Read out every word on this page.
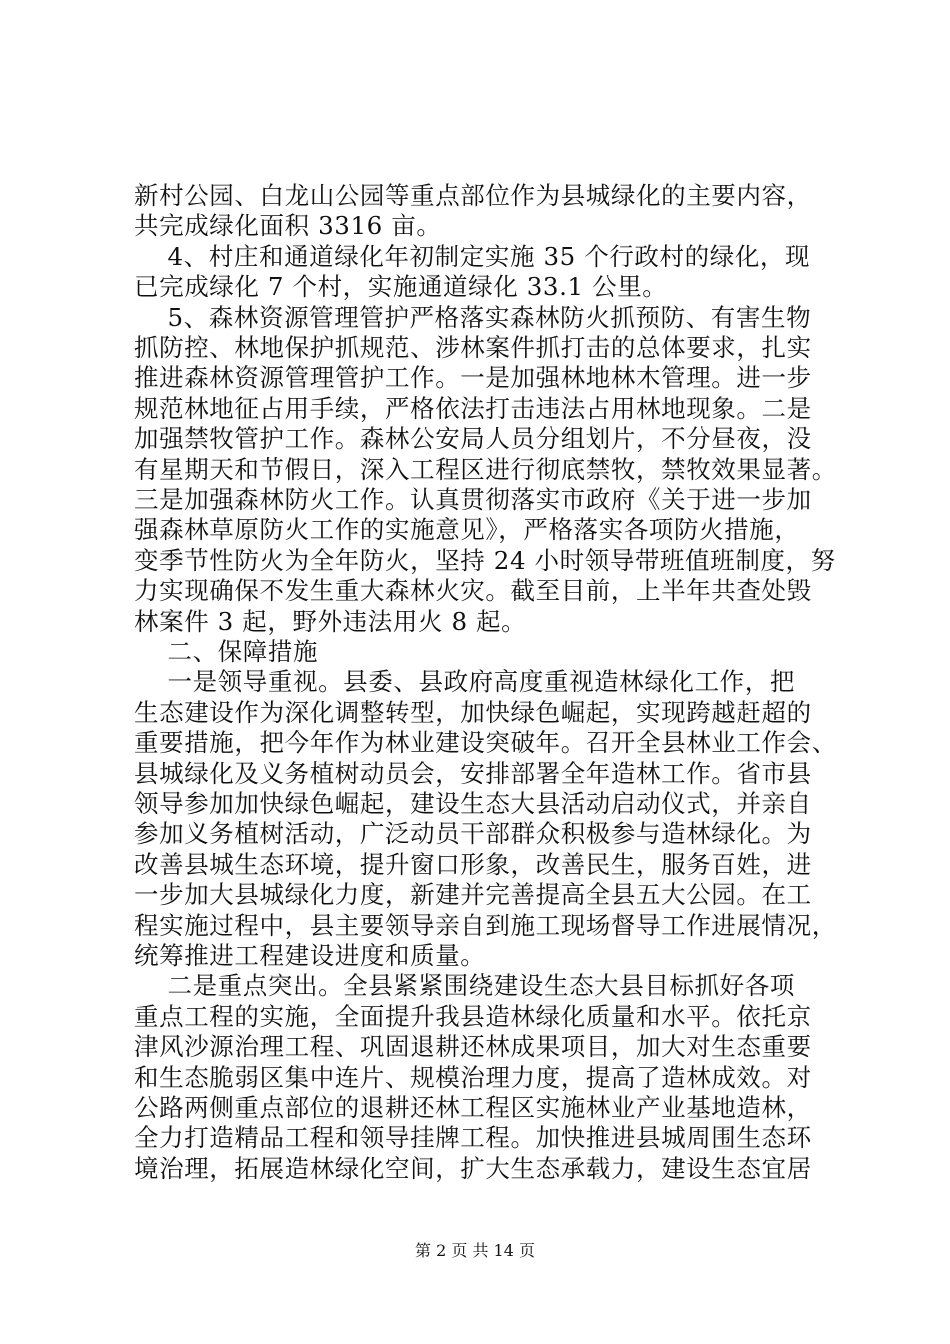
新村公园、白龙山公园等重点部位作为县城绿化的主要内容，
共完成绿化面积 3316 亩。
　 4、村庄和通道绿化年初制定实施 35 个行政村的绿化，现
已完成绿化 7 个村，实施通道绿化 33.1 公里。
　 5、森林资源管理管护严格落实森林防火抓预防、有害生物
抓防控、林地保护抓规范、涉林案件抓打击的总体要求，扎实
推进森林资源管理管护工作。一是加强林地林木管理。进一步
规范林地征占用手续，严格依法打击违法占用林地现象。二是
加强禁牧管护工作。森林公安局人员分组划片，不分昼夜，没
有星期天和节假日，深入工程区进行彻底禁牧，禁牧效果显著。
三是加强森林防火工作。认真贯彻落实市政府《关于进一步加
强森林草原防火工作的实施意见》，严格落实各项防火措施，
变季节性防火为全年防火，坚持 24 小时领导带班值班制度，努
力实现确保不发生重大森林火灾。截至目前，上半年共查处毁
林案件 3 起，野外违法用火 8 起。
　 二、保障措施
　 一是领导重视。县委、县政府高度重视造林绿化工作，把
生态建设作为深化调整转型，加快绿色崛起，实现跨越赶超的
重要措施，把今年作为林业建设突破年。召开全县林业工作会、
县城绿化及义务植树动员会，安排部署全年造林工作。省市县
领导参加加快绿色崛起，建设生态大县活动启动仪式，并亲自
参加义务植树活动，广泛动员干部群众积极参与造林绿化。为
改善县城生态环境，提升窗口形象，改善民生，服务百姓，进
一步加大县城绿化力度，新建并完善提高全县五大公园。在工
程实施过程中，县主要领导亲自到施工现场督导工作进展情况，
统筹推进工程建设进度和质量。
　 二是重点突出。全县紧紧围绕建设生态大县目标抓好各项
重点工程的实施，全面提升我县造林绿化质量和水平。依托京
津风沙源治理工程、巩固退耕还林成果项目，加大对生态重要
和生态脆弱区集中连片、规模治理力度，提高了造林成效。对
公路两侧重点部位的退耕还林工程区实施林业产业基地造林，
全力打造精品工程和领导挂牌工程。加快推进县城周围生态环
境治理，拓展造林绿化空间，扩大生态承载力，建设生态宜居
第 2 页 共 14 页
